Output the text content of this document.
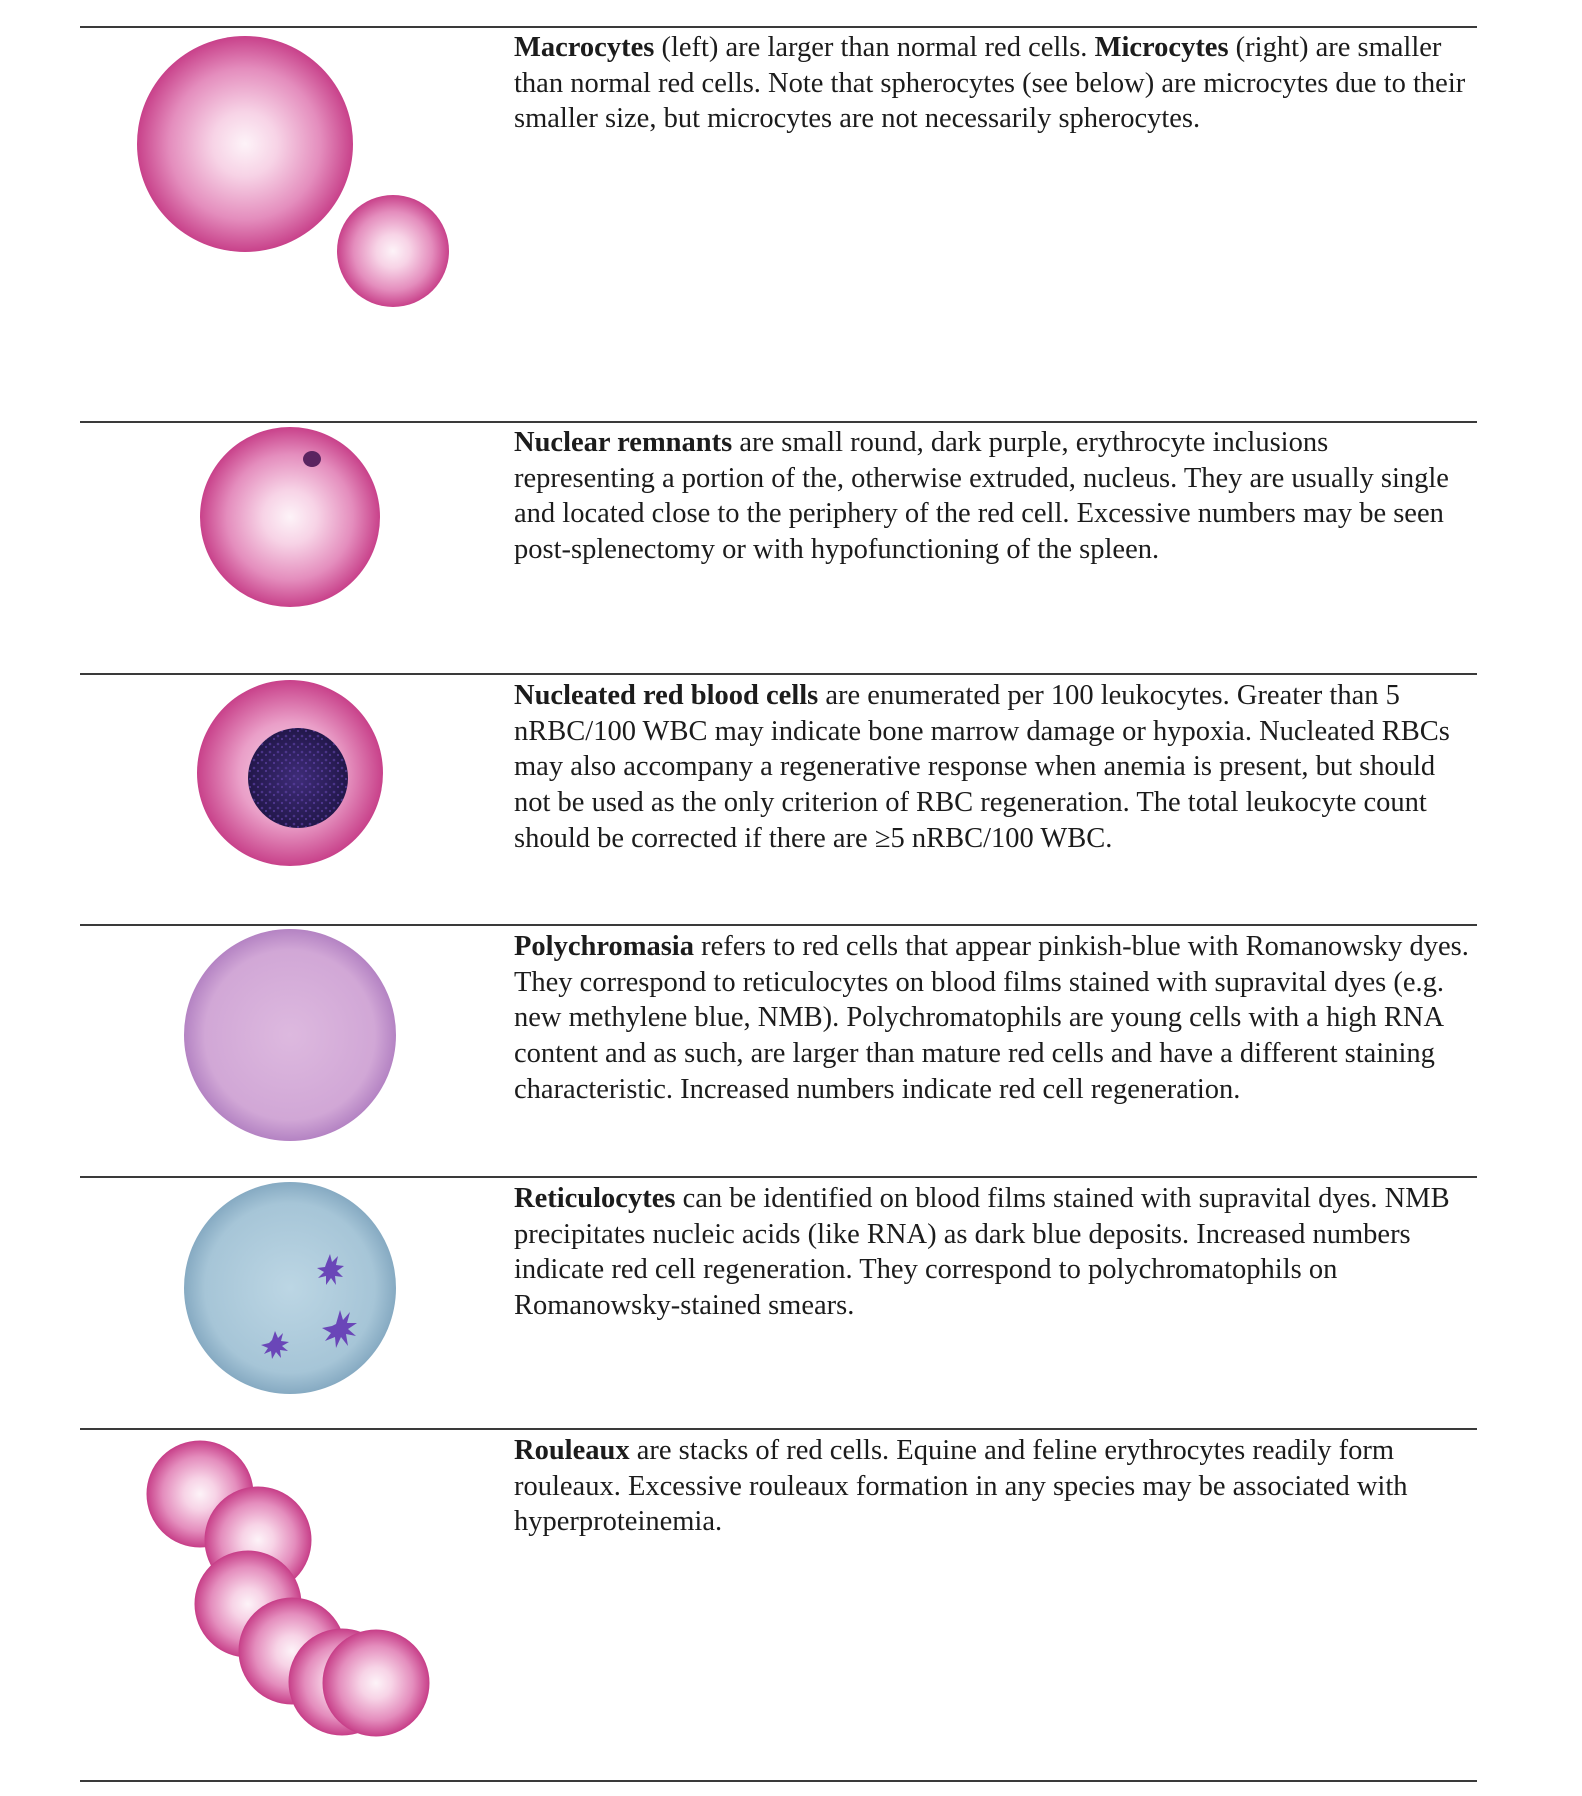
Macrocytes (left) are larger than normal red cells. Microcytes (right) are smaller than normal red cells. Note that spherocytes (see below) are microcytes due to their smaller size, but microcytes are not necessarily spherocytes.

Nuclear remnants are small round, dark purple, erythrocyte inclusions representing a portion of the, otherwise extruded, nucleus. They are usually single and located close to the periphery of the red cell. Excessive numbers may be seen post-splenectomy or with hypofunctioning of the spleen.

Nucleated red blood cells are enumerated per 100 leukocytes. Greater than 5 nRBC/100 WBC may indicate bone marrow damage or hypoxia. Nucleated RBCs may also accompany a regenerative response when anemia is present, but should not be used as the only criterion of RBC regeneration. The total leukocyte count should be corrected if there are ≥5 nRBC/100 WBC.

Polychromasia refers to red cells that appear pinkish-blue with Romanowsky dyes. They correspond to reticulocytes on blood films stained with supravital dyes (e.g. new methylene blue, NMB). Polychromatophils are young cells with a high RNA content and as such, are larger than mature red cells and have a different staining characteristic. Increased numbers indicate red cell regeneration.

Reticulocytes can be identified on blood films stained with supravital dyes. NMB precipitates nucleic acids (like RNA) as dark blue deposits. Increased numbers indicate red cell regeneration. They correspond to polychromatophils on Romanowsky-stained smears.

Rouleaux are stacks of red cells. Equine and feline erythrocytes readily form rouleaux. Excessive rouleaux formation in any species may be associated with hyperproteinemia.
